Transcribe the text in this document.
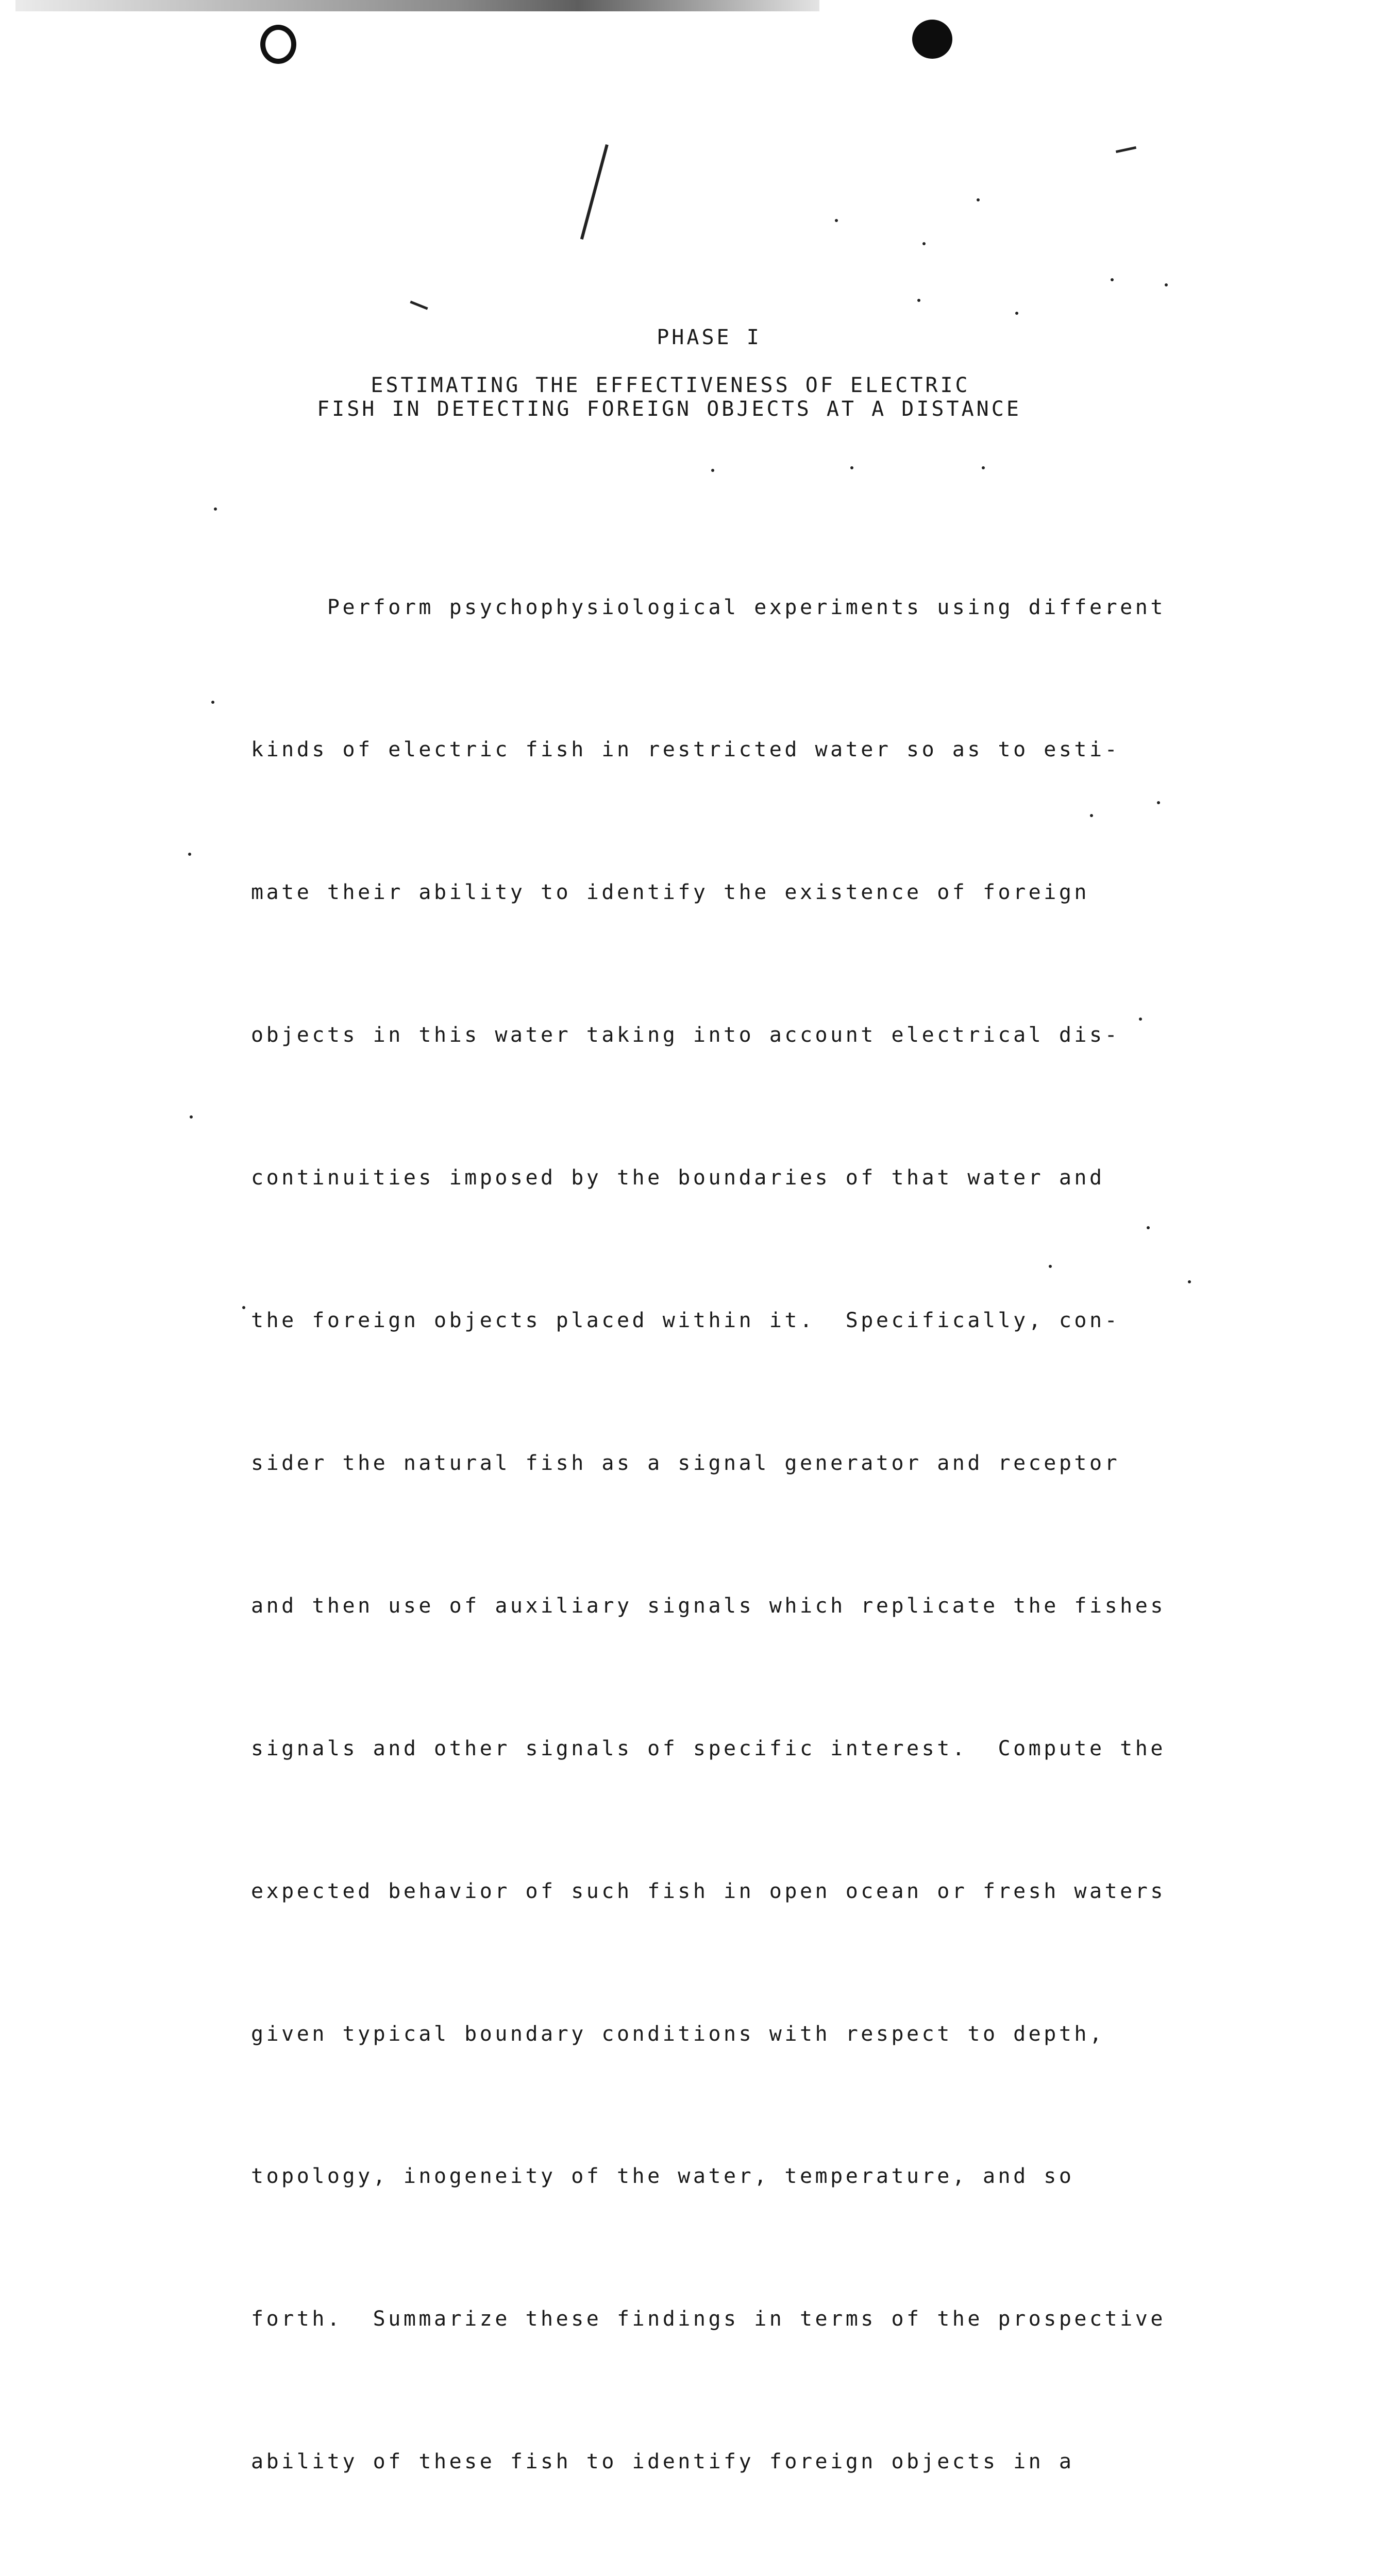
PHASE I
ESTIMATING THE EFFECTIVENESS OF ELECTRIC
FISH IN DETECTING FOREIGN OBJECTS AT A DISTANCE

Perform psychophysiological experiments using different

kinds of electric fish in restricted water so as to esti-

mate their ability to identify the existence of foreign

objects in this water taking into account electrical dis-

continuities imposed by the boundaries of that water and

the foreign objects placed within it.  Specifically, con-

sider the natural fish as a signal generator and receptor

and then use of auxiliary signals which replicate the fishes

signals and other signals of specific interest.  Compute the

expected behavior of such fish in open ocean or fresh waters

given typical boundary conditions with respect to depth,

topology, inogeneity of the water, temperature, and so

forth.  Summarize these findings in terms of the prospective

ability of these fish to identify foreign objects in a
